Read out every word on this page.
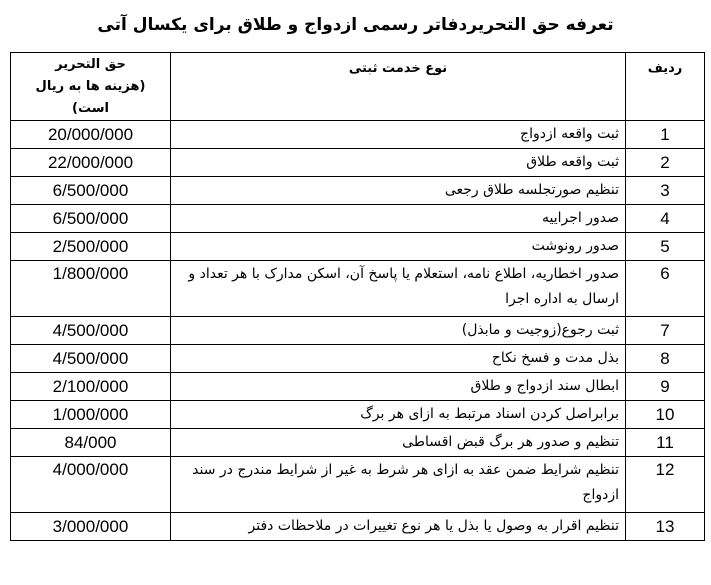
تعرفه حق التحریردفاتر رسمی ازدواج و طلاق برای یکسال آتی
حق التحریر
(هزینه ها به ریال است)	نوع خدمت ثبتی	ردیف
20/000/000	ثبت واقعه ازدواج	1
22/000/000	ثبت واقعه طلاق	2
6/500/000	تنظیم صورتجلسه طلاق رجعی	3
6/500/000	صدور اجراییه	4
2/500/000	صدور رونوشت	5
1/800/000	صدور اخطاریه، اطلاع نامه، استعلام یا پاسخ آن، اسکن مدارک با هر تعداد و ارسال به اداره اجرا	6
4/500/000	ثبت رجوع(زوجیت و مابذل)	7
4/500/000	بذل مدت و فسخ نکاح	8
2/100/000	ابطال سند ازدواج و طلاق	9
1/000/000	برابراصل کردن اسناد مرتبط به ازای هر برگ	10
84/000	تنظیم و صدور هر برگ قبض اقساطی	11
4/000/000	تنظیم شرایط ضمن عقد به ازای هر شرط به غیر از شرایط مندرج در سند ازدواج	12
3/000/000	تنظیم اقرار به وصول یا بذل یا هر نوع تغییرات در ملاحظات دفتر	13
